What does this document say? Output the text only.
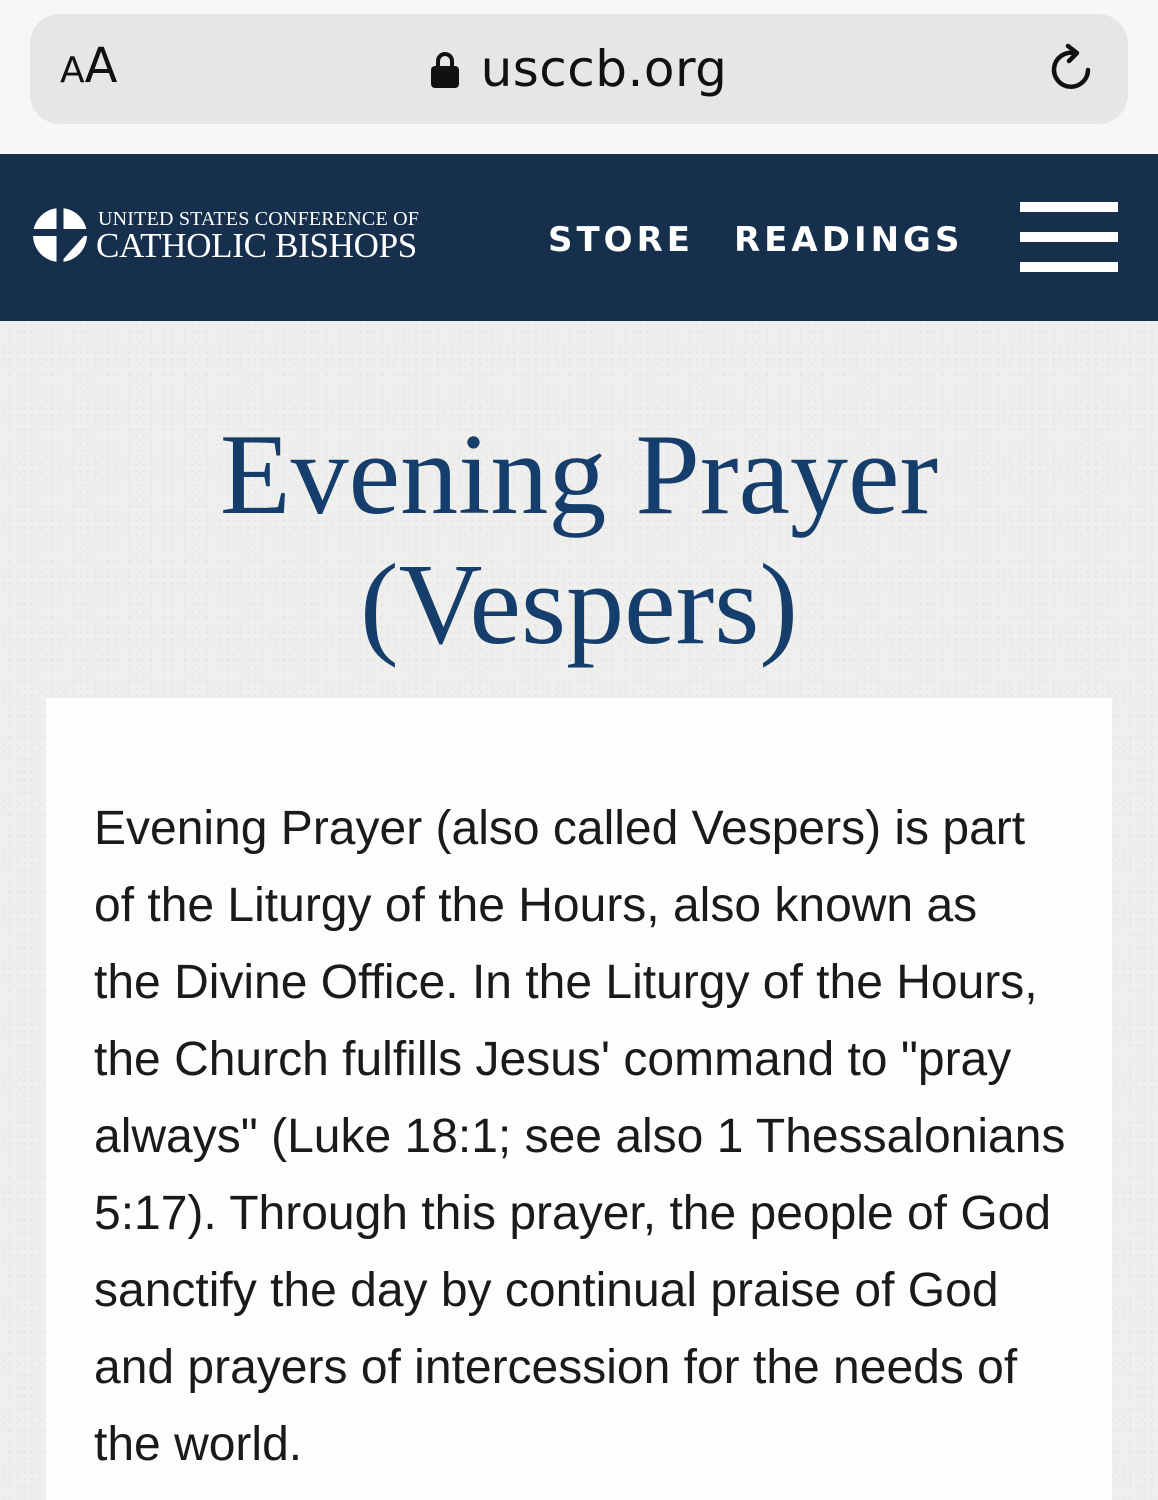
AA	usccb.org
UNITED STATES CONFERENCE OF
CATHOLIC BISHOPS	STORE READINGS
Evening Prayer
(Vespers)

Evening Prayer (also called Vespers) is part
of the Liturgy of the Hours, also known as
the Divine Office. In the Liturgy of the Hours,
the Church fulfills Jesus' command to "pray
always" (Luke 18:1; see also 1 Thessalonians
5:17). Through this prayer, the people of God
sanctify the day by continual praise of God
and prayers of intercession for the needs of
the world.
